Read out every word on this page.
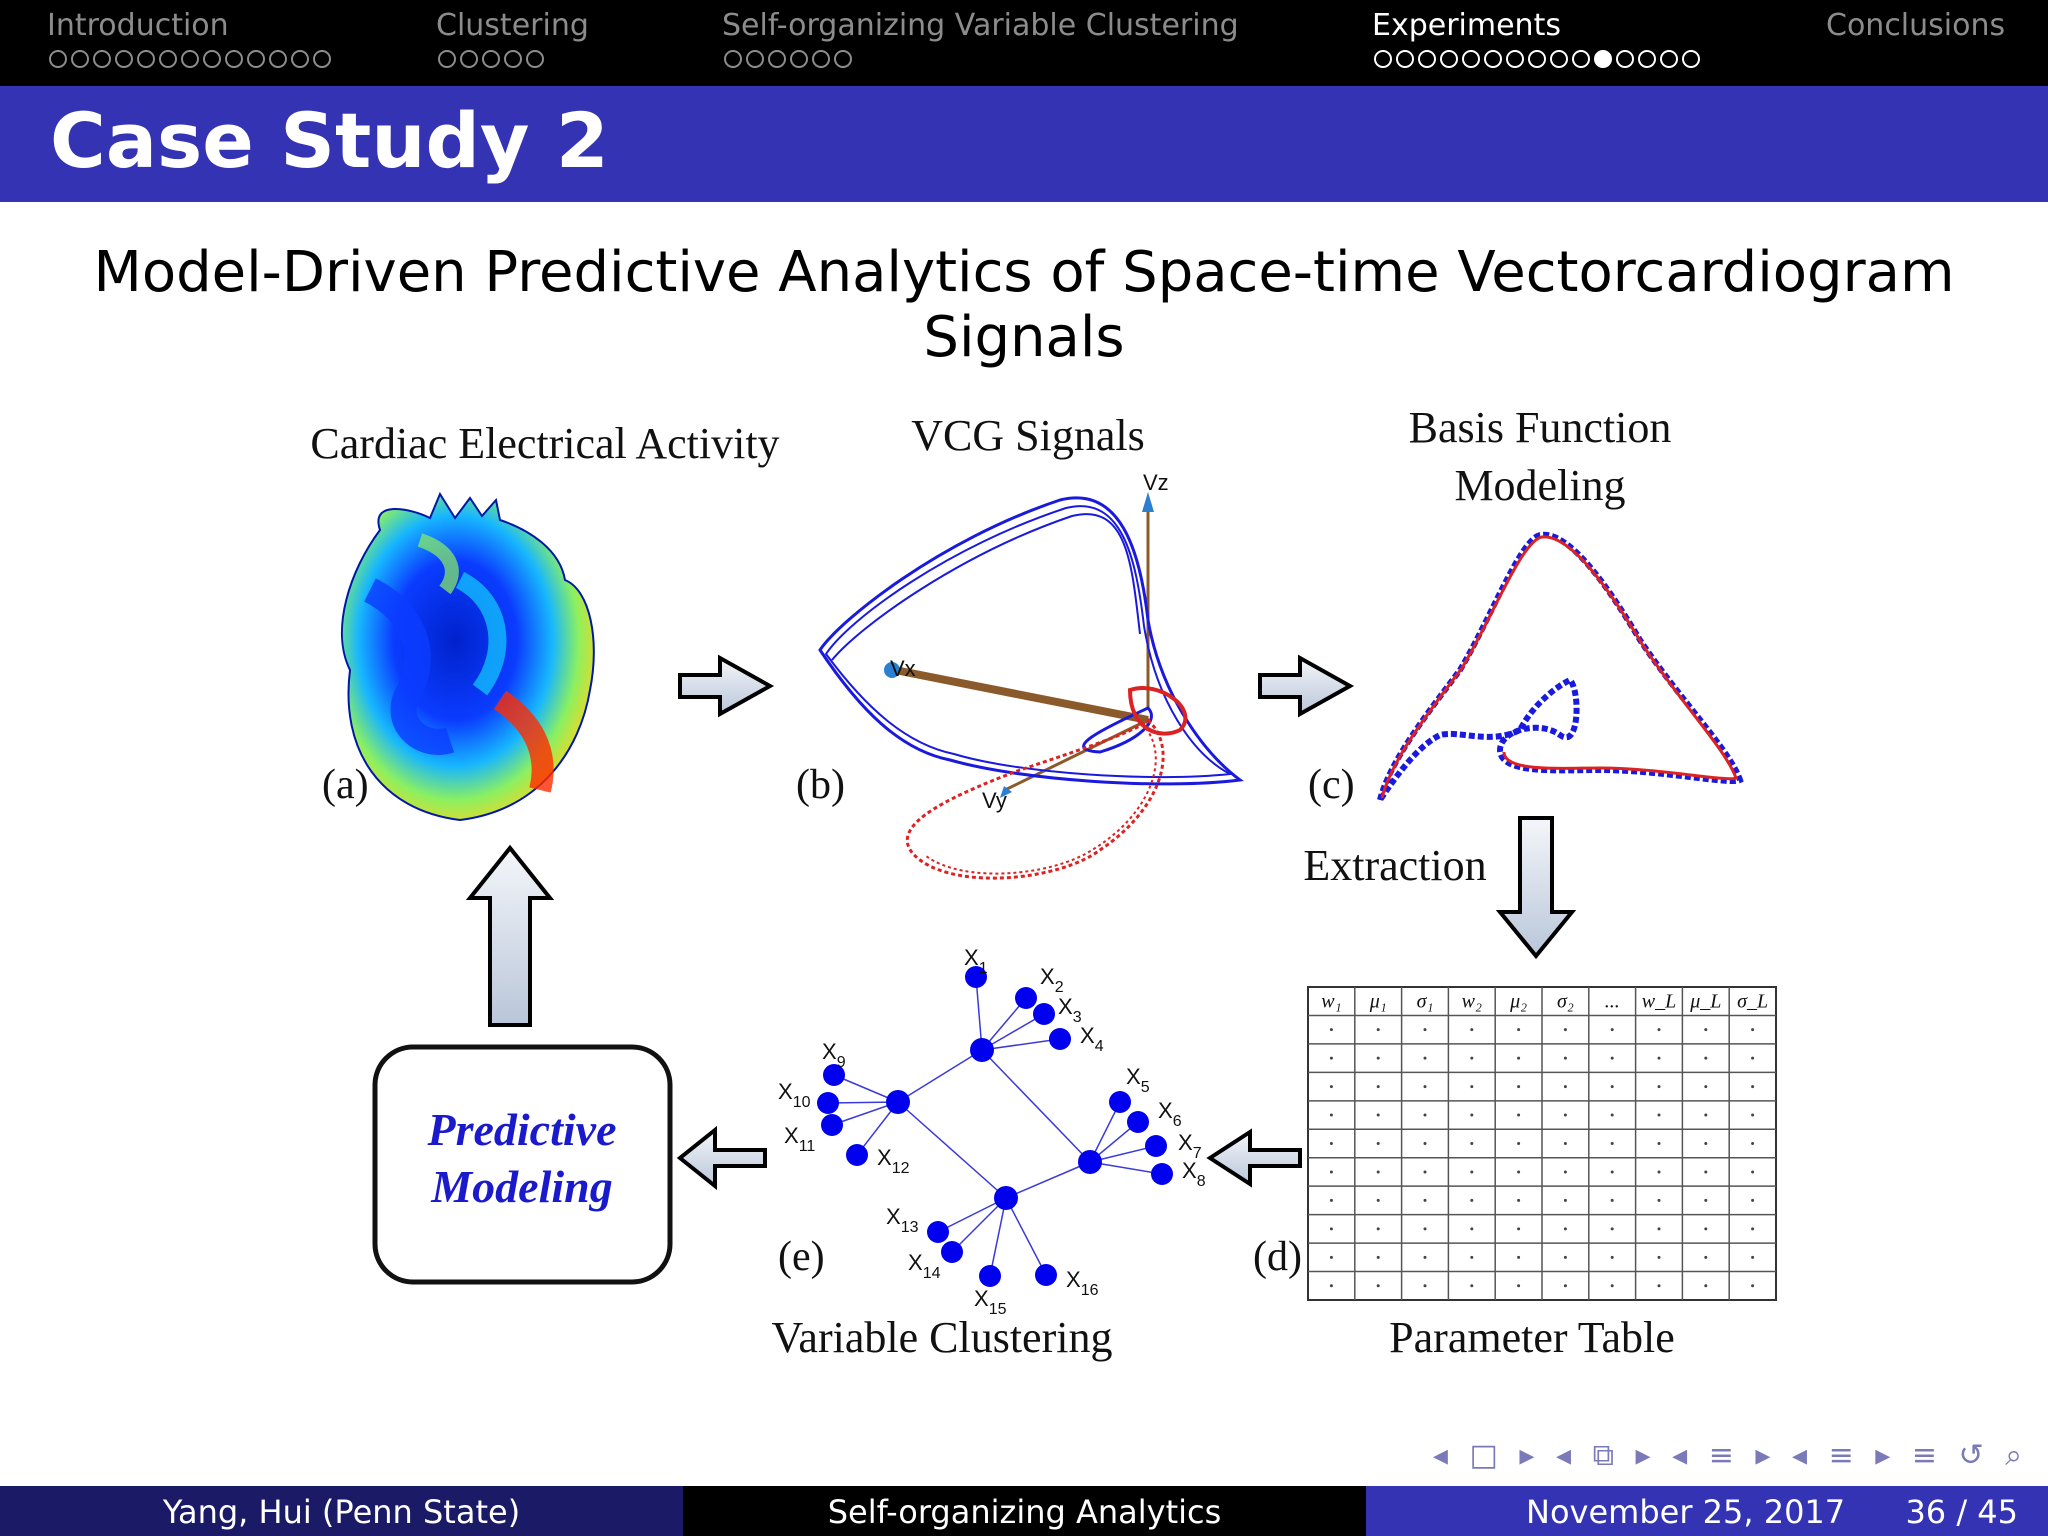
Introduction	Clustering	Self-organizing Variable Clustering	Experiments	Conclusions
Case Study 2
Model-Driven Predictive Analytics of Space-time Vectorcardiogram Signals
Cardiac Electrical Activity
(a)
VCG Signals
Vx
Vy
Vz
(b)
Basis Function
Modeling
(c)
Extraction
w₁ μ₁ σ₁ w₂ μ₂ σ₂ ... w_L μ_L σ_L
(d)
Parameter Table
$X_1$ $X_2$
$X_3$
$X_4$
$X_5$
$X_6$
$X_7$
$X_8$
$X_9$
$X_{10}$
$X_{11}$	$X_{12}$
$X_{13}$
$X_{14}$
$X_{15}$
$X_{16}$
(e)
Variable Clustering
Predictive
Modeling
◂ □ ▸ ◂ ⧉ ▸ ◂ ≡ ▸ ◂ ≡ ▸ ≡ ↺ ⌕
Yang, Hui (Penn State)	Self-organizing Analytics	November 25, 2017 36 / 45
